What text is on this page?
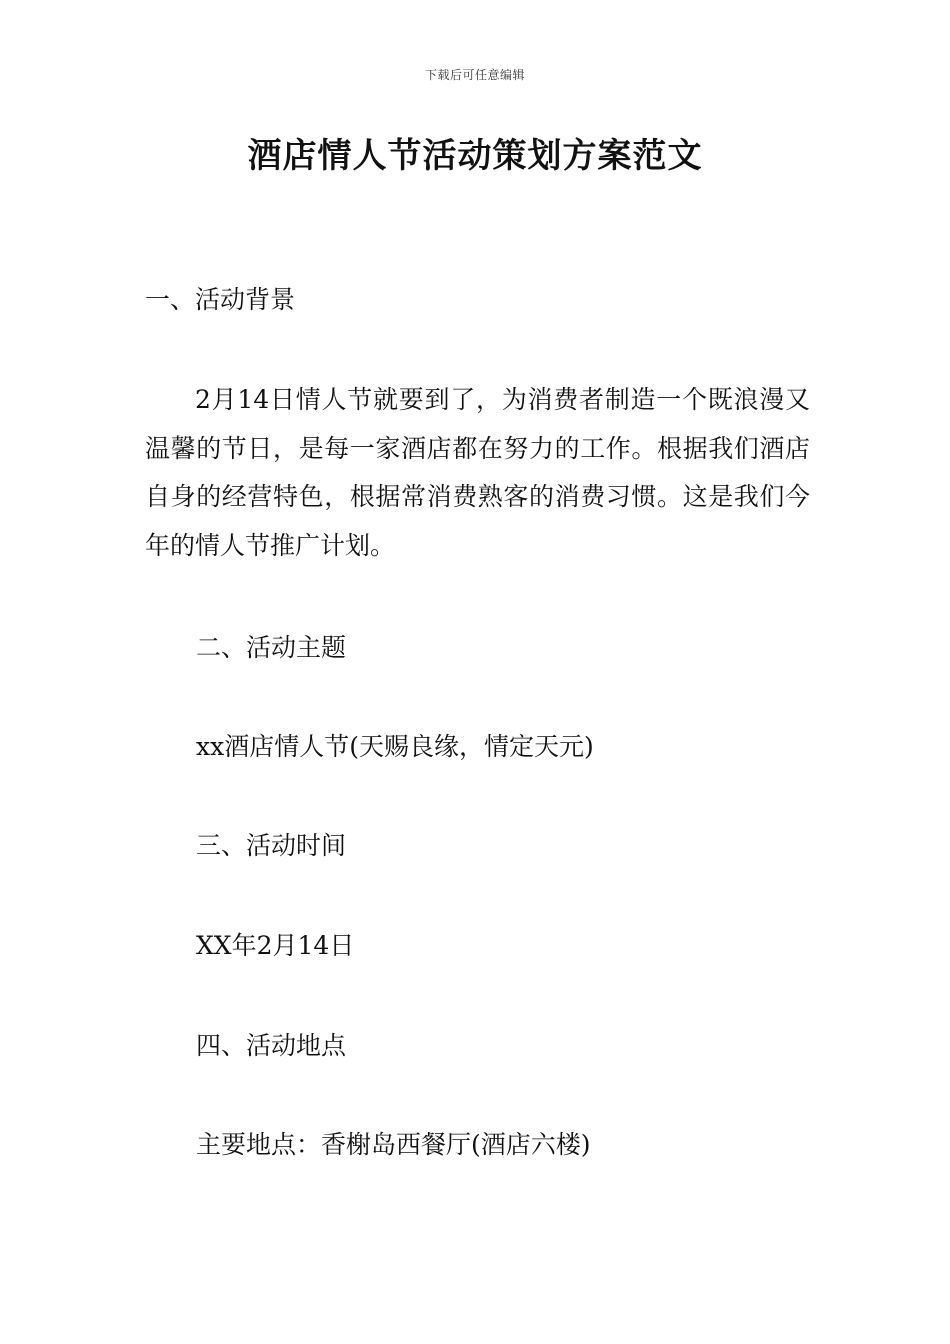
下载后可任意编辑
酒店情人节活动策划方案范文
一、活动背景
2月14日情人节就要到了，为消费者制造一个既浪漫又温馨的节日，是每一家酒店都在努力的工作。根据我们酒店自身的经营特色，根据常消费熟客的消费习惯。这是我们今年的情人节推广计划。
二、活动主题
xx酒店情人节(天赐良缘，情定天元)
三、活动时间
XX年2月14日
四、活动地点
主要地点：香榭岛西餐厅(酒店六楼)
